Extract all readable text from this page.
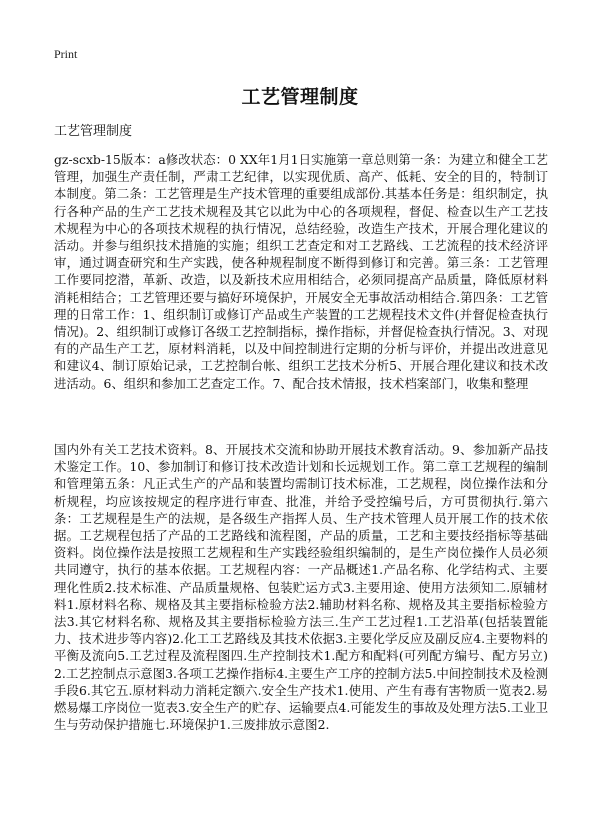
Print
工艺管理制度

工艺管理制度

gz-scxb-15版本：a修改状态：0 XX年1月1日实施第一章总则第一条：为建立和健全工艺管理，加强生产责任制，严肃工艺纪律，以实现优质、高产、低耗、安全的目的，特制订本制度。第二条：工艺管理是生产技术管理的重要组成部份.其基本任务是：组织制定，执行各种产品的生产工艺技术规程及其它以此为中心的各项规程，督促、检查以生产工艺技术规程为中心的各项技术规程的执行情况，总结经验，改造生产技术，开展合理化建议的活动。并参与组织技术措施的实施；组织工艺查定和对工艺路线、工艺流程的技术经济评审，通过调查研究和生产实践，使各种规程制度不断得到修订和完善。第三条：工艺管理工作要同挖潜，革新、改造，以及新技术应用相结合，必须同提高产品质量，降低原材料消耗相结合；工艺管理还要与搞好环境保护，开展安全无事故活动相结合.第四条：工艺管理的日常工作：1、组织制订或修订产品或生产装置的工艺规程技术文件(并督促检查执行情况)。2、组织制订或修订各级工艺控制指标，操作指标，并督促检查执行情况。3、对现有的产品生产工艺，原材料消耗，以及中间控制进行定期的分析与评价，并提出改进意见和建议4、制订原始记录，工艺控制台帐、组织工艺技术分析5、开展合理化建议和技术改进活动。6、组织和参加工艺查定工作。7、配合技术情报，技术档案部门，收集和整理

国内外有关工艺技术资料。8、开展技术交流和协助开展技术教育活动。9、参加新产品技术鉴定工作。10、参加制订和修订技术改造计划和长远规划工作。第二章工艺规程的编制和管理第五条：凡正式生产的产品和装置均需制订技术标准，工艺规程，岗位操作法和分析规程，均应该按规定的程序进行审查、批准，并给予受控编号后，方可贯彻执行.第六条：工艺规程是生产的法规，是各级生产指挥人员、生产技术管理人员开展工作的技术依据。工艺规程包括了产品的工艺路线和流程图，产品的质量，工艺和主要技经指标等基础资料。岗位操作法是按照工艺规程和生产实践经验组织编制的，是生产岗位操作人员必须共同遵守，执行的基本依据。工艺规程内容：一产品概述1.产品名称、化学结构式、主要理化性质2.技术标准、产品质量规格、包装贮运方式3.主要用途、使用方法须知二.原辅材料1.原材料名称、规格及其主要指标检验方法2.辅助材料名称、规格及其主要指标检验方法3.其它材料名称、规格及其主要指标检验方法三.生产工艺过程1.工艺沿革(包括装置能力、技术进步等内容)2.化工工艺路线及其技术依据3.主要化学反应及副反应4.主要物料的平衡及流向5.工艺过程及流程图四.生产控制技术1.配方和配料(可列配方编号、配方另立)2.工艺控制点示意图3.各项工艺操作指标4.主要生产工序的控制方法5.中间控制技术及检测手段6.其它五.原材料动力消耗定额六.安全生产技术1.使用、产生有毒有害物质一览表2.易燃易爆工序岗位一览表3.安全生产的贮存、运输要点4.可能发生的事故及处理方法5.工业卫生与劳动保护措施七.环境保护1.三废排放示意图2.
